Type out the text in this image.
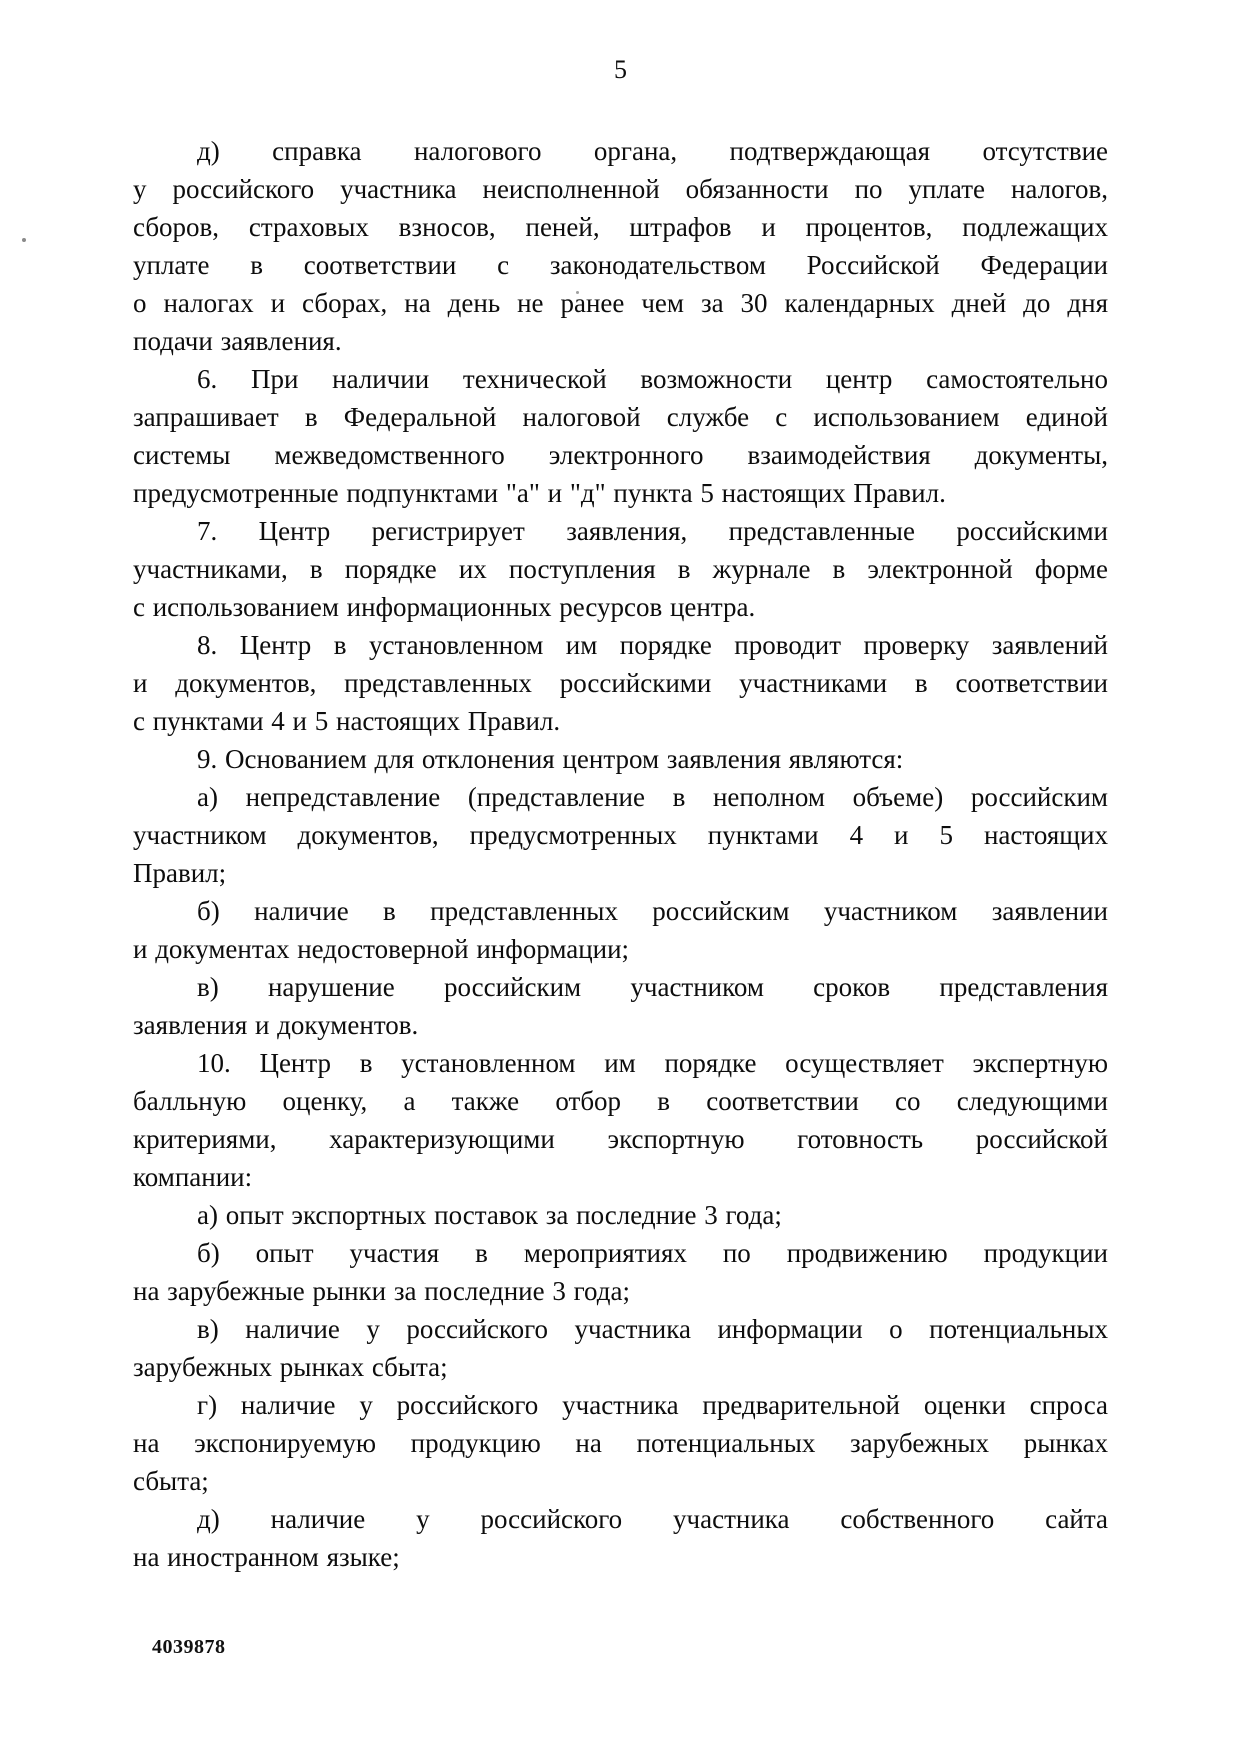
5
д) справка налогового органа, подтверждающая отсутствие
у российского участника неисполненной обязанности по уплате налогов,
сборов, страховых взносов, пеней, штрафов и процентов, подлежащих
уплате в соответствии с законодательством Российской Федерации
о налогах и сборах, на день не ранее чем за 30 календарных дней до дня
подачи заявления.
6. При наличии технической возможности центр самостоятельно
запрашивает в Федеральной налоговой службе с использованием единой
системы межведомственного электронного взаимодействия документы,
предусмотренные подпунктами "а" и "д" пункта 5 настоящих Правил.
7. Центр регистрирует заявления, представленные российскими
участниками, в порядке их поступления в журнале в электронной форме
с использованием информационных ресурсов центра.
8. Центр в установленном им порядке проводит проверку заявлений
и документов, представленных российскими участниками в соответствии
с пунктами 4 и 5 настоящих Правил.
9. Основанием для отклонения центром заявления являются:
а) непредставление (представление в неполном объеме) российским
участником документов, предусмотренных пунктами 4 и 5 настоящих
Правил;
б) наличие в представленных российским участником заявлении
и документах недостоверной информации;
в) нарушение российским участником сроков представления
заявления и документов.
10. Центр в установленном им порядке осуществляет экспертную
балльную оценку, а также отбор в соответствии со следующими
критериями, характеризующими экспортную готовность российской
компании:
а) опыт экспортных поставок за последние 3 года;
б) опыт участия в мероприятиях по продвижению продукции
на зарубежные рынки за последние 3 года;
в) наличие у российского участника информации о потенциальных
зарубежных рынках сбыта;
г) наличие у российского участника предварительной оценки спроса
на экспонируемую продукцию на потенциальных зарубежных рынках
сбыта;
д) наличие у российского участника собственного сайта
на иностранном языке;
4039878
